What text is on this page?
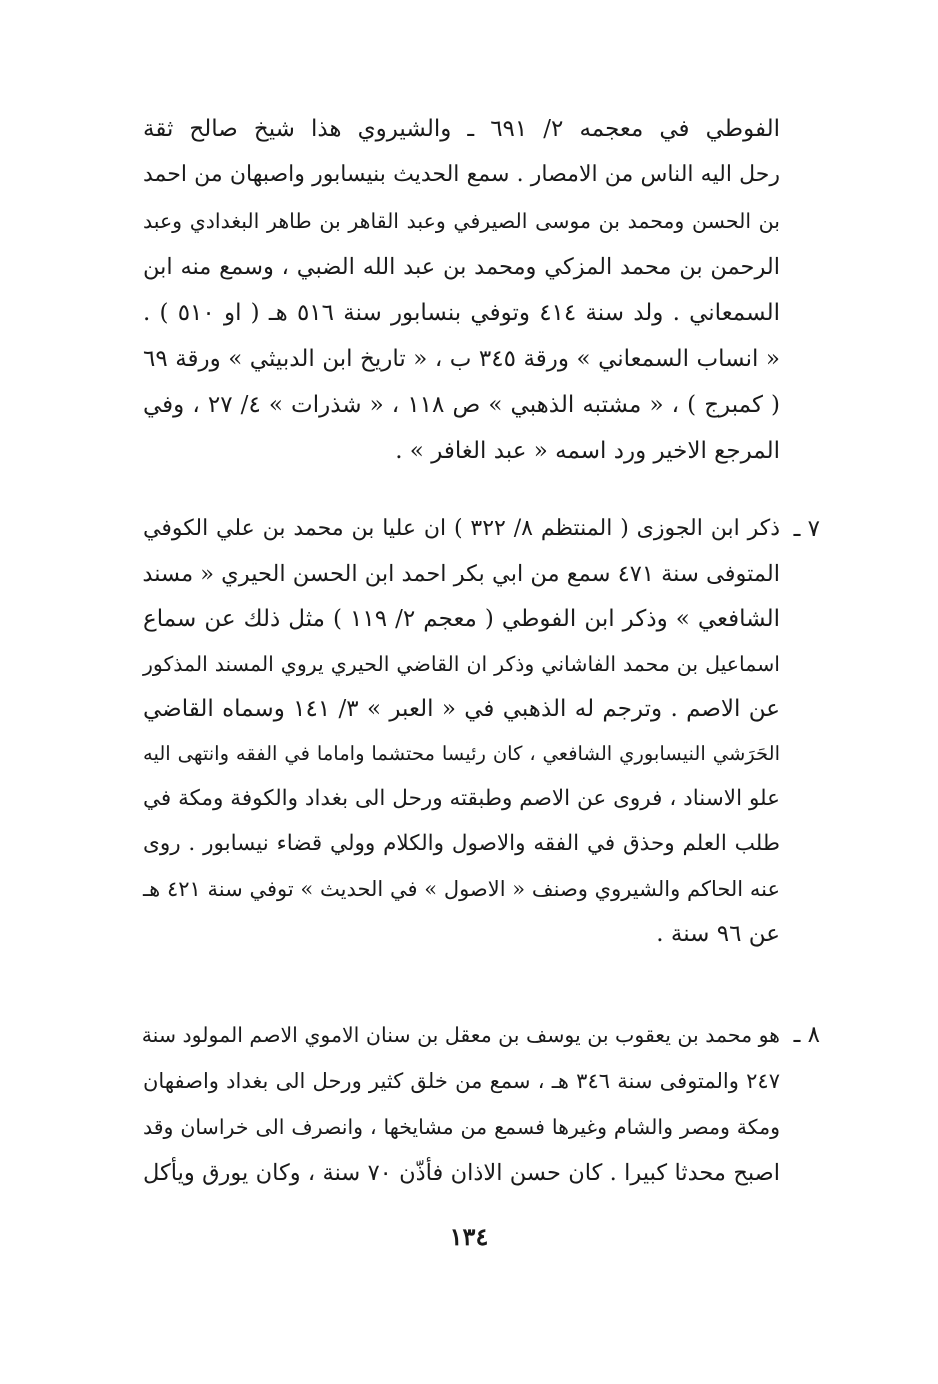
الفوطي في معجمه ٢/ ٦٩١ ـ والشيروي هذا شيخ صالح ثقة
رحل اليه الناس من الامصار . سمع الحديث بنيسابور واصبهان من احمد
بن الحسن ومحمد بن موسى الصيرفي وعبد القاهر بن طاهر البغدادي وعبد
الرحمن بن محمد المزكي ومحمد بن عبد الله الضبي ، وسمع منه ابن
السمعاني . ولد سنة ٤١٤ وتوفي بنسابور سنة ٥١٦ هـ ( او ٥١٠ ) .
« انساب السمعاني » ورقة ٣٤٥ ب ، « تاريخ ابن الدبيثي » ورقة ٦٩
( كمبرج ) ، « مشتبه الذهبي » ص ١١٨ ، « شذرات » ٤/ ٢٧ ، وفي
المرجع الاخير ورد اسمه « عبد الغافر » .
٧ ـ
ذكر ابن الجوزى ( المنتظم ٨/ ٣٢٢ ) ان عليا بن محمد بن علي الكوفي
المتوفى سنة ٤٧١ سمع من ابي بكر احمد ابن الحسن الحيري « مسند
الشافعي » وذكر ابن الفوطي ( معجم ٢/ ١١٩ ) مثل ذلك عن سماع
اسماعيل بن محمد الفاشاني وذكر ان القاضي الحيري يروي المسند المذكور
عن الاصم . وترجم له الذهبي في « العبر » ٣/ ١٤١ وسماه القاضي
الحَرَشي النيسابوري الشافعي ، كان رئيسا محتشما واماما في الفقه وانتهى اليه
علو الاسناد ، فروى عن الاصم وطبقته ورحل الى بغداد والكوفة ومكة في
طلب العلم وحذق في الفقه والاصول والكلام وولي قضاء نيسابور . روى
عنه الحاكم والشيروي وصنف « الاصول » في الحديث » توفي سنة ٤٢١ هـ
عن ٩٦ سنة .
٨ ـ
هو محمد بن يعقوب بن يوسف بن معقل بن سنان الاموي الاصم المولود سنة
٢٤٧ والمتوفى سنة ٣٤٦ هـ ، سمع من خلق كثير ورحل الى بغداد واصفهان
ومكة ومصر والشام وغيرها فسمع من مشايخها ، وانصرف الى خراسان وقد
اصبح محدثا كبيرا . كان حسن الاذان فأذّن ٧٠ سنة ، وكان يورق ويأكل
١٣٤
